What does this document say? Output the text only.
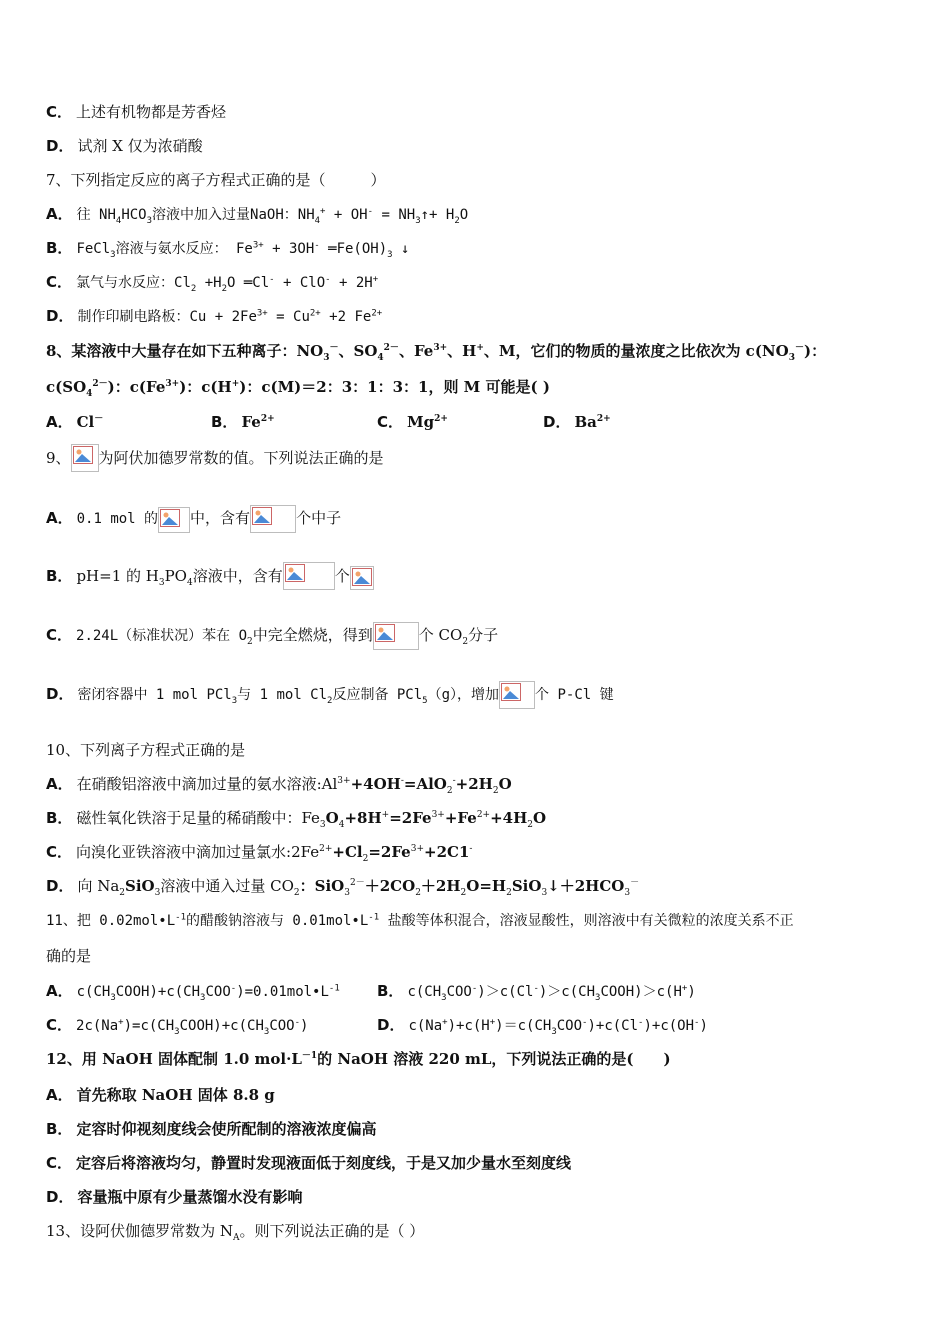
C． 上述有机物都是芳香烃
D． 试剂 X 仅为浓硝酸
7、下列指定反应的离子方程式正确的是（　　　）
A． 往 $NH_4HCO_3$溶液中加入过量NaOH：$NH_4^+ + OH^-$ = $NH_3↑+ H_2O$
B． FeCl$_3$溶液与氨水反应： $Fe^{3+} + 3OH^-$ $═Fe(OH)_3$ ↓
C． 氯气与水反应：$Cl_2 +H_2O$ ═Cl- + ClO- + 2H+
D． 制作印刷电路板：$Cu + 2Fe^{3+} = Cu^{2+} +2$ $Fe^{2+}$
8、某溶液中大量存在如下五种离子：$NO_3^-$、$SO_4^{2-}$、$Fe^{3+}$、H+、M，它们的物质的量浓度之比依次为 $c(NO_3^-)$：
$c(SO_4^{2-})$：$c(Fe^{3+})$：c(H+)：c(M)＝2：3：1：3：1，则 M 可能是( )
A． Cl－	B． $Fe^{2+}$	C． $Mg^{2+}$	D． $Ba^{2+}$
9、 为阿伏加德罗常数的值。下列说法正确的是
A． 0.1 mol 的 中，含有	个中子
B． pH=1 的 $H_3PO_4$溶液中，含有	个
C． 2.24L（标准状况）苯在 $O_2$中完全燃烧，得到	个 $CO_2$分子
D． 密闭容器中 1 mol PCl$_3$与 1 mol $Cl_2$反应制备 PCl$_5$（g），增加	个 P-Cl 键
10、下列离子方程式正确的是
A． 在硝酸铝溶液中滴加过量的氨水溶液$:Al^{3+}+4OH^-=AlO_2^-+2H_2O$
B． 磁性氧化铁溶于足量的稀硝酸中：$Fe_3O_4+8H^+=2Fe^{3+}+Fe^{2+}+4H_2O$
C． 向溴化亚铁溶液中滴加过量氯水$:2Fe^{2+}+Cl_2=2Fe^{3+}+2C1^-$
D． 向 $Na_2SiO_3$溶液中通入过量 $CO_2$：$SiO_3^{2-}+2CO_2+2H_2O=H_2SiO_3↓+2HCO_3^-$
11、把 $0.02mol•L^{-1}$的醋酸钠溶液与 $0.01mol•L^{-1}$ 盐酸等体积混合，溶液显酸性，则溶液中有关微粒的浓度关系不正
确的是
A． $c(CH_3COOH)+c(CH_3COO^-)=0.01mol•L^{-1}$ B． $c(CH_3COO^-)>c(Cl^-)>c(CH_3COOH)>c(H^+)$
C． $2c(Na^+)=c(CH_3COOH)+c(CH_3COO^-)$	D． $c(Na^+)+c(H^+)=c(CH_3COO^-)+c(Cl^-)+c(OH^-)$
12、用 NaOH 固体配制 1.0 $mol\cdot L^{-1}$的 NaOH 溶液 220 mL，下列说法正确的是(　　)
A． 首先称取 NaOH 固体 8.8 g
B． 定容时仰视刻度线会使所配制的溶液浓度偏高
C． 定容后将溶液均匀，静置时发现液面低于刻度线，于是又加少量水至刻度线
D． 容量瓶中原有少量蒸馏水没有影响
13、设阿伏伽德罗常数为 $N_A$。则下列说法正确的是（ ）
